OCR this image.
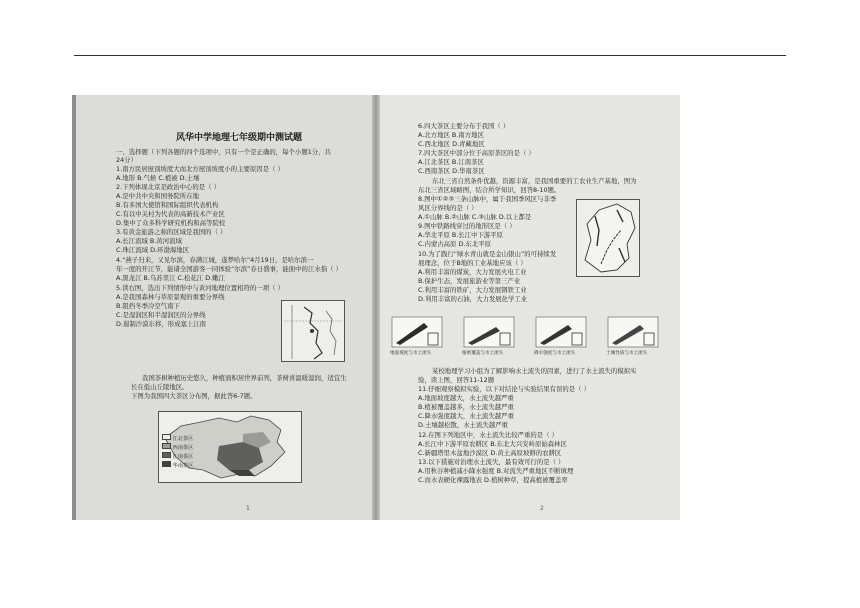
风华中学地理七年级期中测试题
一、选择题（下列各题的四个选项中，只有一个是正确的，每个小题1分，共
24分）
1.南方民居屋顶坡度大而北方屋顶坡度小的主要原因是（ ）
A.地形 B.气候 C.植被 D.土壤
2.下列体现北京是政治中心的是（ ）
A.是中共中央和国务院所在地
B.有多国大使馆和国际组织代表机构
C.有以中关村为代表的高新技术产业区
D.集中了众多科学研究机构和高等院校
3.有黄金旅游之称的区域是我国的（ ）
A.长江流域 B.黄河流域
C.珠江流域 D.环渤海地区
4.“燕子归来，又见尔滨，春满江城，遂梦哈尔”4月19日，是哈尔滨一
年一度的开江节，能诸全国游客一同体验“尔滨”春日盛事，能面中的江水指（ ）
A.黑龙江 B.乌苏里江 C.松花江 D.嫩江
5.读右图，选出下列情形中与黄河地理位置相符的一项（ ）
A.是我国森林与草原景观的重要分界线
B.阻挡冬季冷空气南下
C.是湿润区和半湿润区的分界线
D.遏制沙漠东移，形成塞上江南
我国茶树种植历史悠久，种植面积居世界前列，茶树喜温暖湿润，适宜生
长在低山丘陵地区。
下图为我国四大茶区分布图，据此答6-7题。
江北茶区
西南茶区
江南茶区
华南茶区
1
6.四大茶区主要分布于我国（ ）
A.北方地区 B.南方地区
C.西北地区 D.青藏地区
7.四大茶区中部分位于高原茶区的是（ ）
A.江北茶区 B.江南茶区
C.西南茶区 D.华南茶区
东北三省自然条件优越，资源丰富，是我国重要的工农业生产基地，图为
东北三省区域略图，结合所学知识，回答8-10题。
8.图中①②③三条山脉中，属于我国季风区与非季
风区分界线的是（ ）
A.①山脉 B.②山脉 C.③山脉 D.以上都是
9.图中铁路线穿过的地形区是（ ）
A.华北平原 B.长江中下游平原
C.内蒙古高原 D.东北平原
10.为了践行“绿水青山就是金山银山”的可持续发
展理念，位于B地的工业基地应该（ ）
A.利用丰富的煤炭，大力发展火电工业
B.保护生态，发展旅游业等第三产业
C.利用丰富的铁矿，大力发展钢铁工业
D.利用丰富的石油，大力发展化学工业
地面坡度与水土流失	植被覆盖与水土流失	降水强度与水土流失	土壤性质与水土流失
某校地理学习小组为了解影响水土流失的因素，进行了水土流失的模拟实
验，读上图，回答11-12题
11.仔细观察模拟实验，以下对结论与实验结果有误的是（ ）
A.地面坡度越大，水土流失越严重
B.植被覆盖越多，水土流失越严重
C.降水强度越大，水土流失越严重
D.土壤越松散，水土流失越严重
12.在图下列地区中，水土流失比较严重的是（ ）
A.长江中下游平原农耕区 B.东北大兴安岭原始森林区
C.新疆塔里木盆地沙漠区 D.黄土高原坡耕的农耕区
13.以下措施对治理水土流失，最有效可行的是（ ）
A.用秋谷种植减小降水强度 B.对流失严重地区不断填埋
C.而水表硬化裸露地表 D.植树种草，提高植被覆盖率
2
